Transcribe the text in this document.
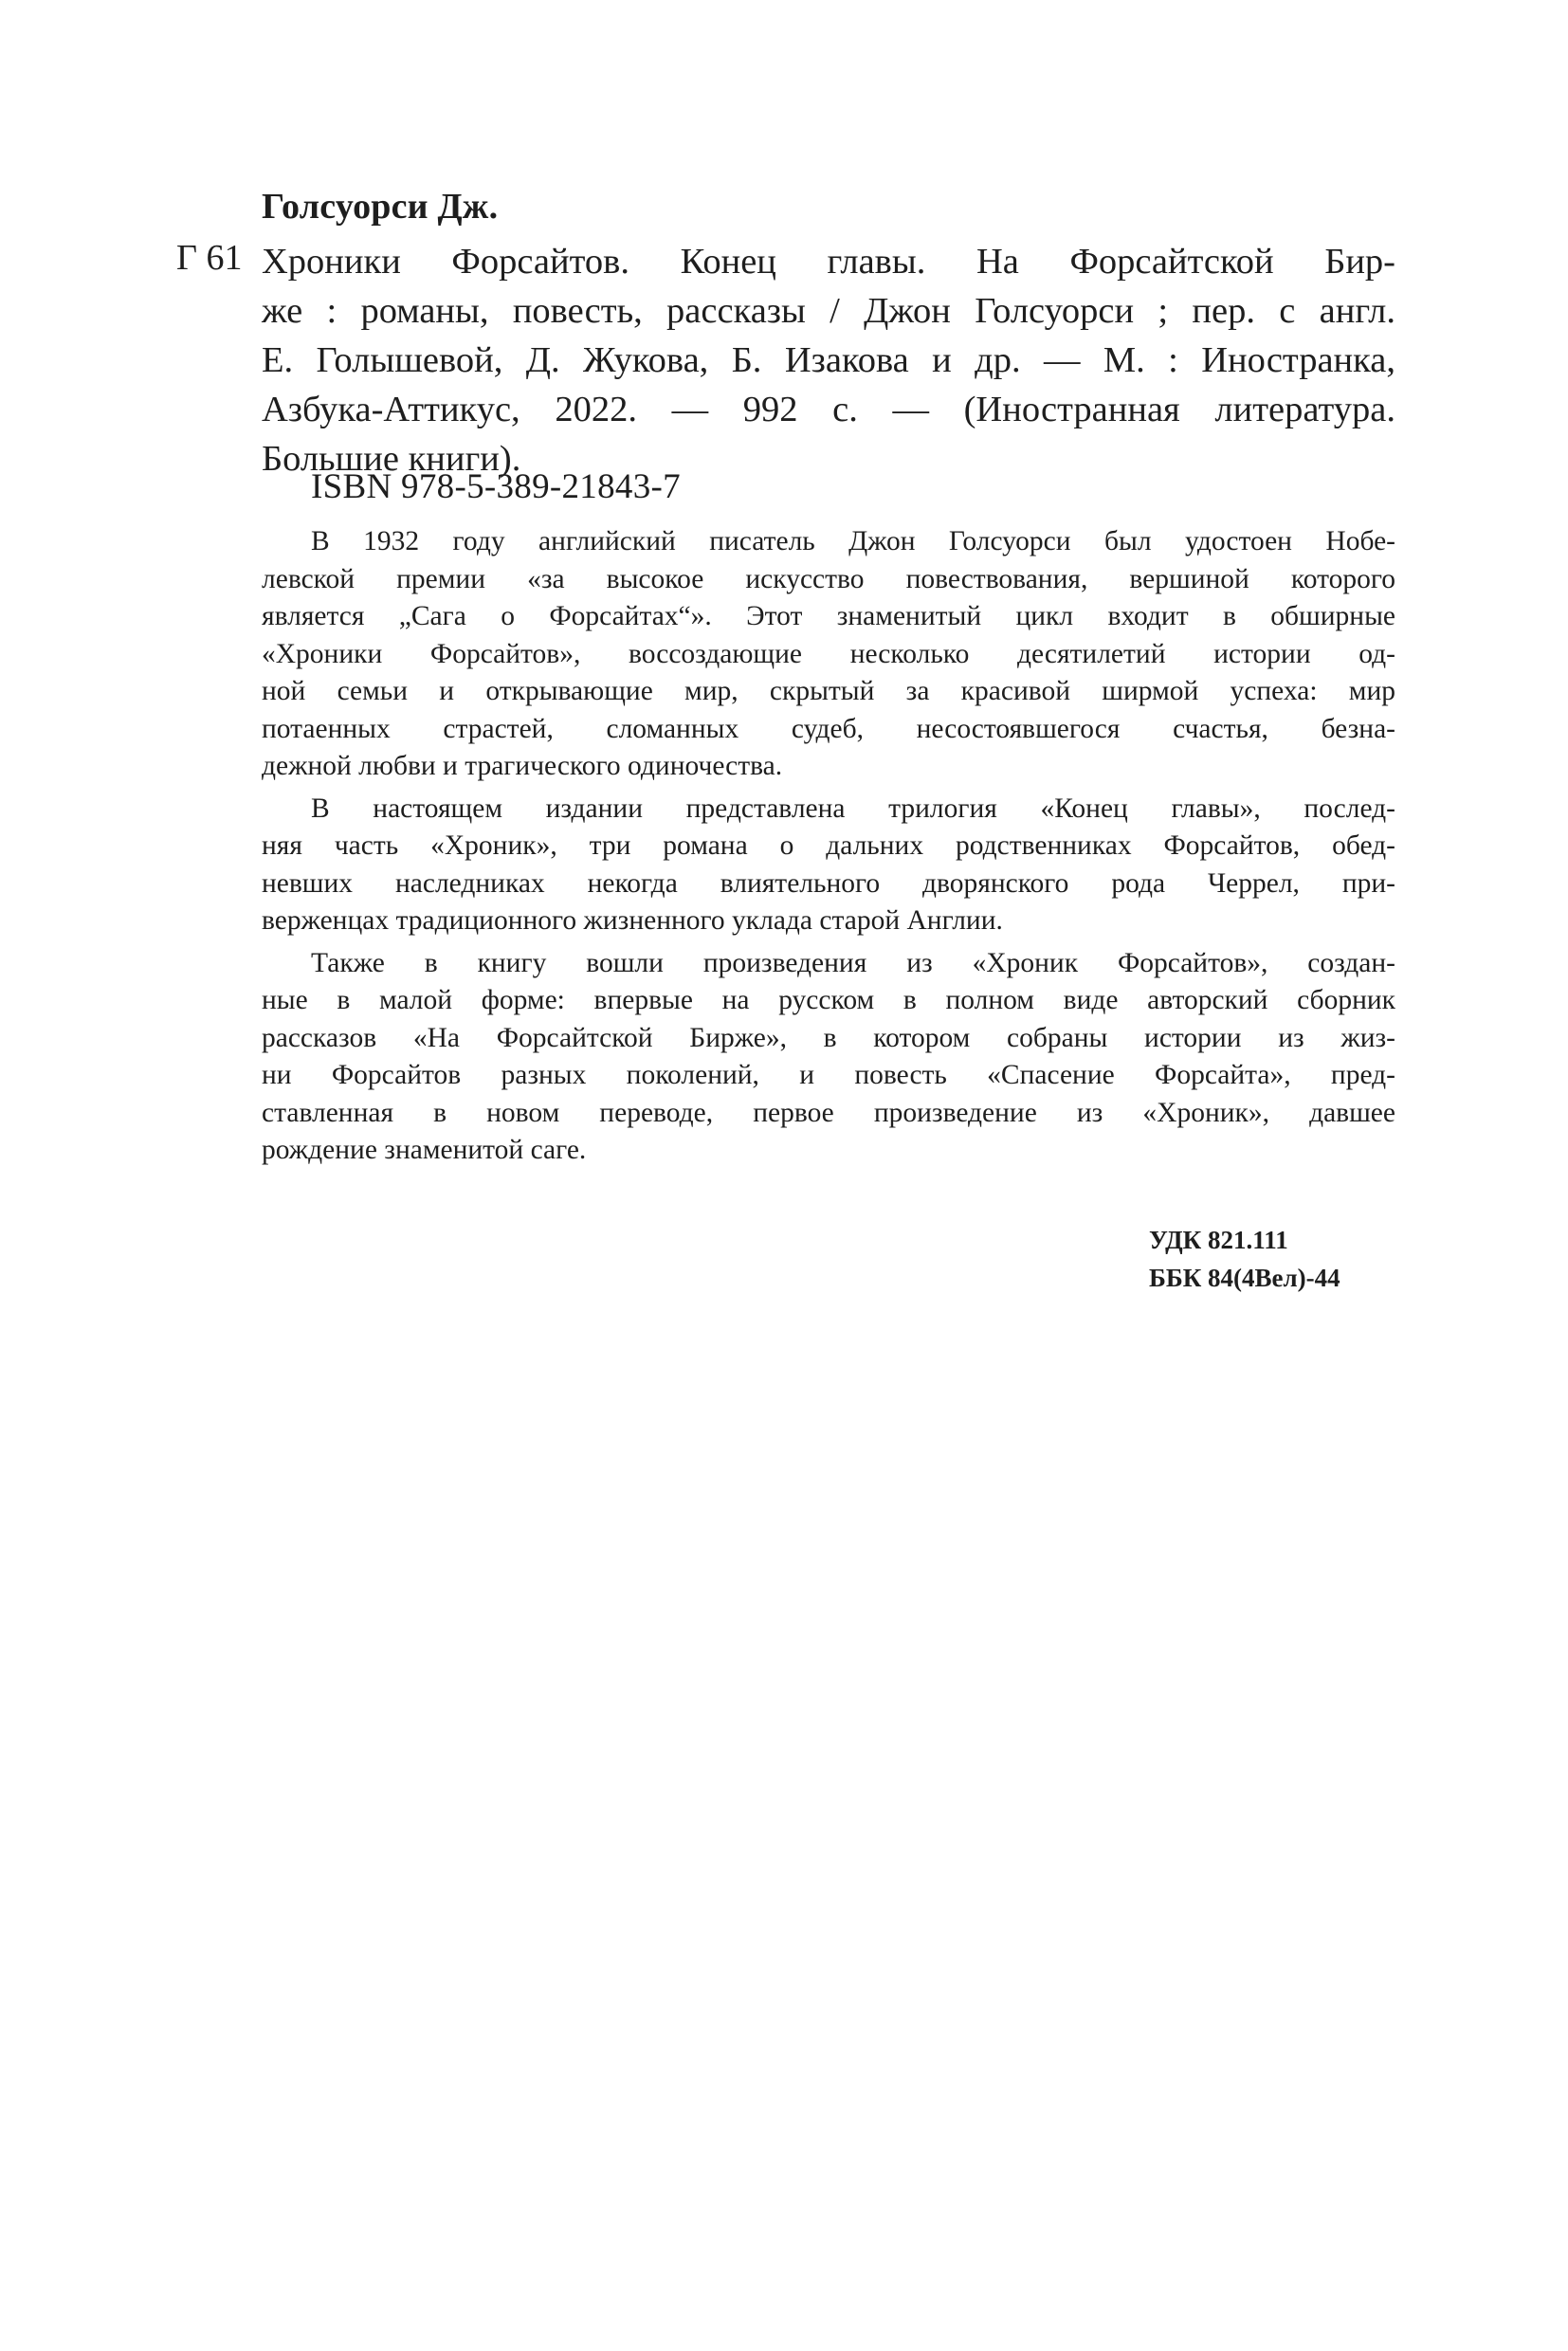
Голсуорси Дж.
Г 61 Хроники Форсайтов. Конец главы. На Форсайтской Бир-
же : романы, повесть, рассказы / Джон Голсуорси ; пер. с англ.
Е. Голышевой, Д. Жукова, Б. Изакова и др. — М. : Иностранка,
Азбука-Аттикус, 2022. — 992 с. — (Иностранная литература.
Большие книги).
ISBN 978-5-389-21843-7
В 1932 году английский писатель Джон Голсуорси был удостоен Нобе-
левской премии «за высокое искусство повествования, вершиной которого
является „Сага о Форсайтах“». Этот знаменитый цикл входит в обширные
«Хроники Форсайтов», воссоздающие несколько десятилетий истории од-
ной семьи и открывающие мир, скрытый за красивой ширмой успеха: мир
потаенных страстей, сломанных судеб, несостоявшегося счастья, безна-
дежной любви и трагического одиночества.
В настоящем издании представлена трилогия «Конец главы», послед-
няя часть «Хроник», три романа о дальних родственниках Форсайтов, обед-
невших наследниках некогда влиятельного дворянского рода Черрел, при-
верженцах традиционного жизненного уклада старой Англии.
Также в книгу вошли произведения из «Хроник Форсайтов», создан-
ные в малой форме: впервые на русском в полном виде авторский сборник
рассказов «На Форсайтской Бирже», в котором собраны истории из жиз-
ни Форсайтов разных поколений, и повесть «Спасение Форсайта», пред-
ставленная в новом переводе, первое произведение из «Хроник», давшее
рождение знаменитой саге.
УДК 821.111
ББК 84(4Вел)-44
